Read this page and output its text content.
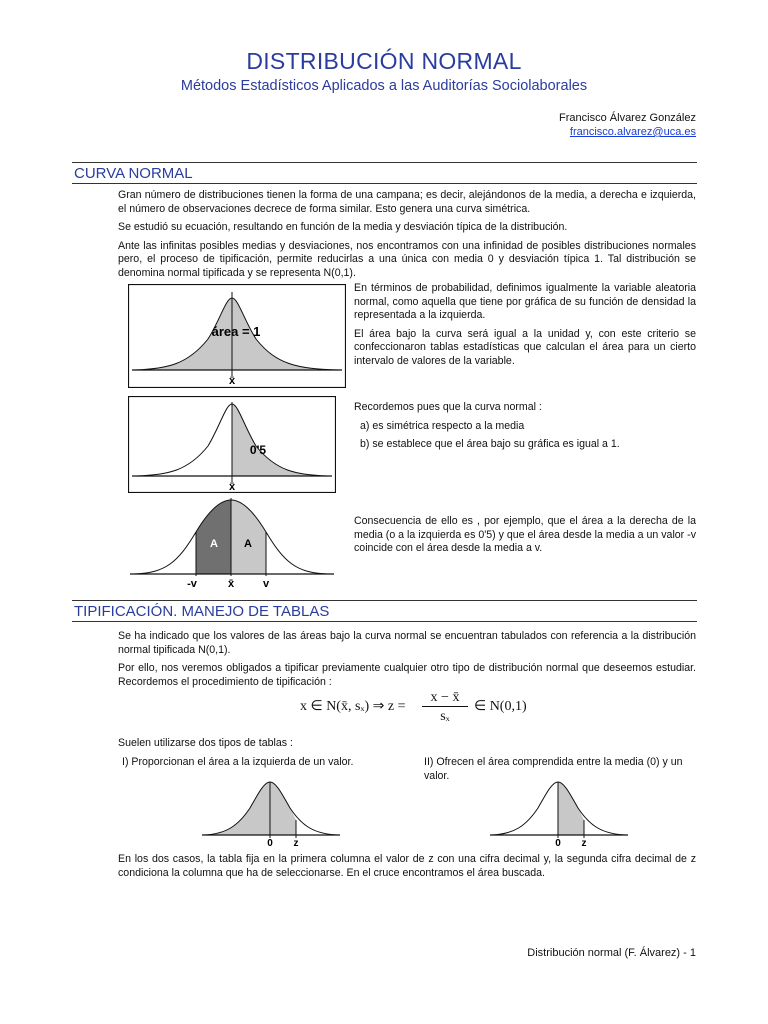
DISTRIBUCIÓN NORMAL
Métodos Estadísticos Aplicados a las Auditorías Sociolaborales
Francisco Álvarez González
francisco.alvarez@uca.es
CURVA NORMAL

Gran número de distribuciones tienen la forma de una campana; es decir, alejándonos de la media, a derecha e izquierda, el número de observaciones decrece de forma similar. Esto genera una curva simétrica.

Se estudió su ecuación, resultando en función de la media y desviación típica de la distribución.

Ante las infinitas posibles medias y desviaciones, nos encontramos con una infinidad de posibles distribuciones normales pero, el proceso de tipificación, permite reducirlas a una única con media 0 y desviación típica 1. Tal distribución se denomina normal tipificada y se representa N(0,1).

área = 1
x̄

En términos de probabilidad, definimos igualmente la variable aleatoria normal, como aquella que tiene por gráfica de su función de densidad la representada a la izquierda.

El área bajo la curva será igual a la unidad y, con este criterio se confeccionaron tablas estadísticas que calculan el área para un cierto intervalo de valores de la variable.

0'5
x̄

Recordemos pues que la curva normal :

a) es simétrica respecto a la media

b) se establece que el área bajo su gráfica es igual a 1.

A A
-v	x̄	v

Consecuencia de ello es , por ejemplo, que el área a la derecha de la media (o a la izquierda es 0'5) y que el área desde la media a un valor -v coincide con el área desde la media a v.

TIPIFICACIÓN. MANEJO DE TABLAS

Se ha indicado que los valores de las áreas bajo la curva normal se encuentran tabulados con referencia a la distribución normal tipificada N(0,1).

Por ello, nos veremos obligados a tipificar previamente cualquier otro tipo de distribución normal que deseemos estudiar. Recordemos el procedimiento de tipificación :

x ∈ N(x̄, sₓ) ⇒ z =
x − x̄
sₓ
∈ N(0,1)

Suelen utilizarse dos tipos de tablas :

I) Proporcionan el área a la izquierda de un valor.	II) Ofrecen el área comprendida entre la media (0) y un valor.

0 z	0 z

En los dos casos, la tabla fija en la primera columna el valor de z con una cifra decimal y, la segunda cifra decimal de z condiciona la columna que ha de seleccionarse. En el cruce encontramos el área buscada.

Distribución normal (F. Álvarez) - 1
